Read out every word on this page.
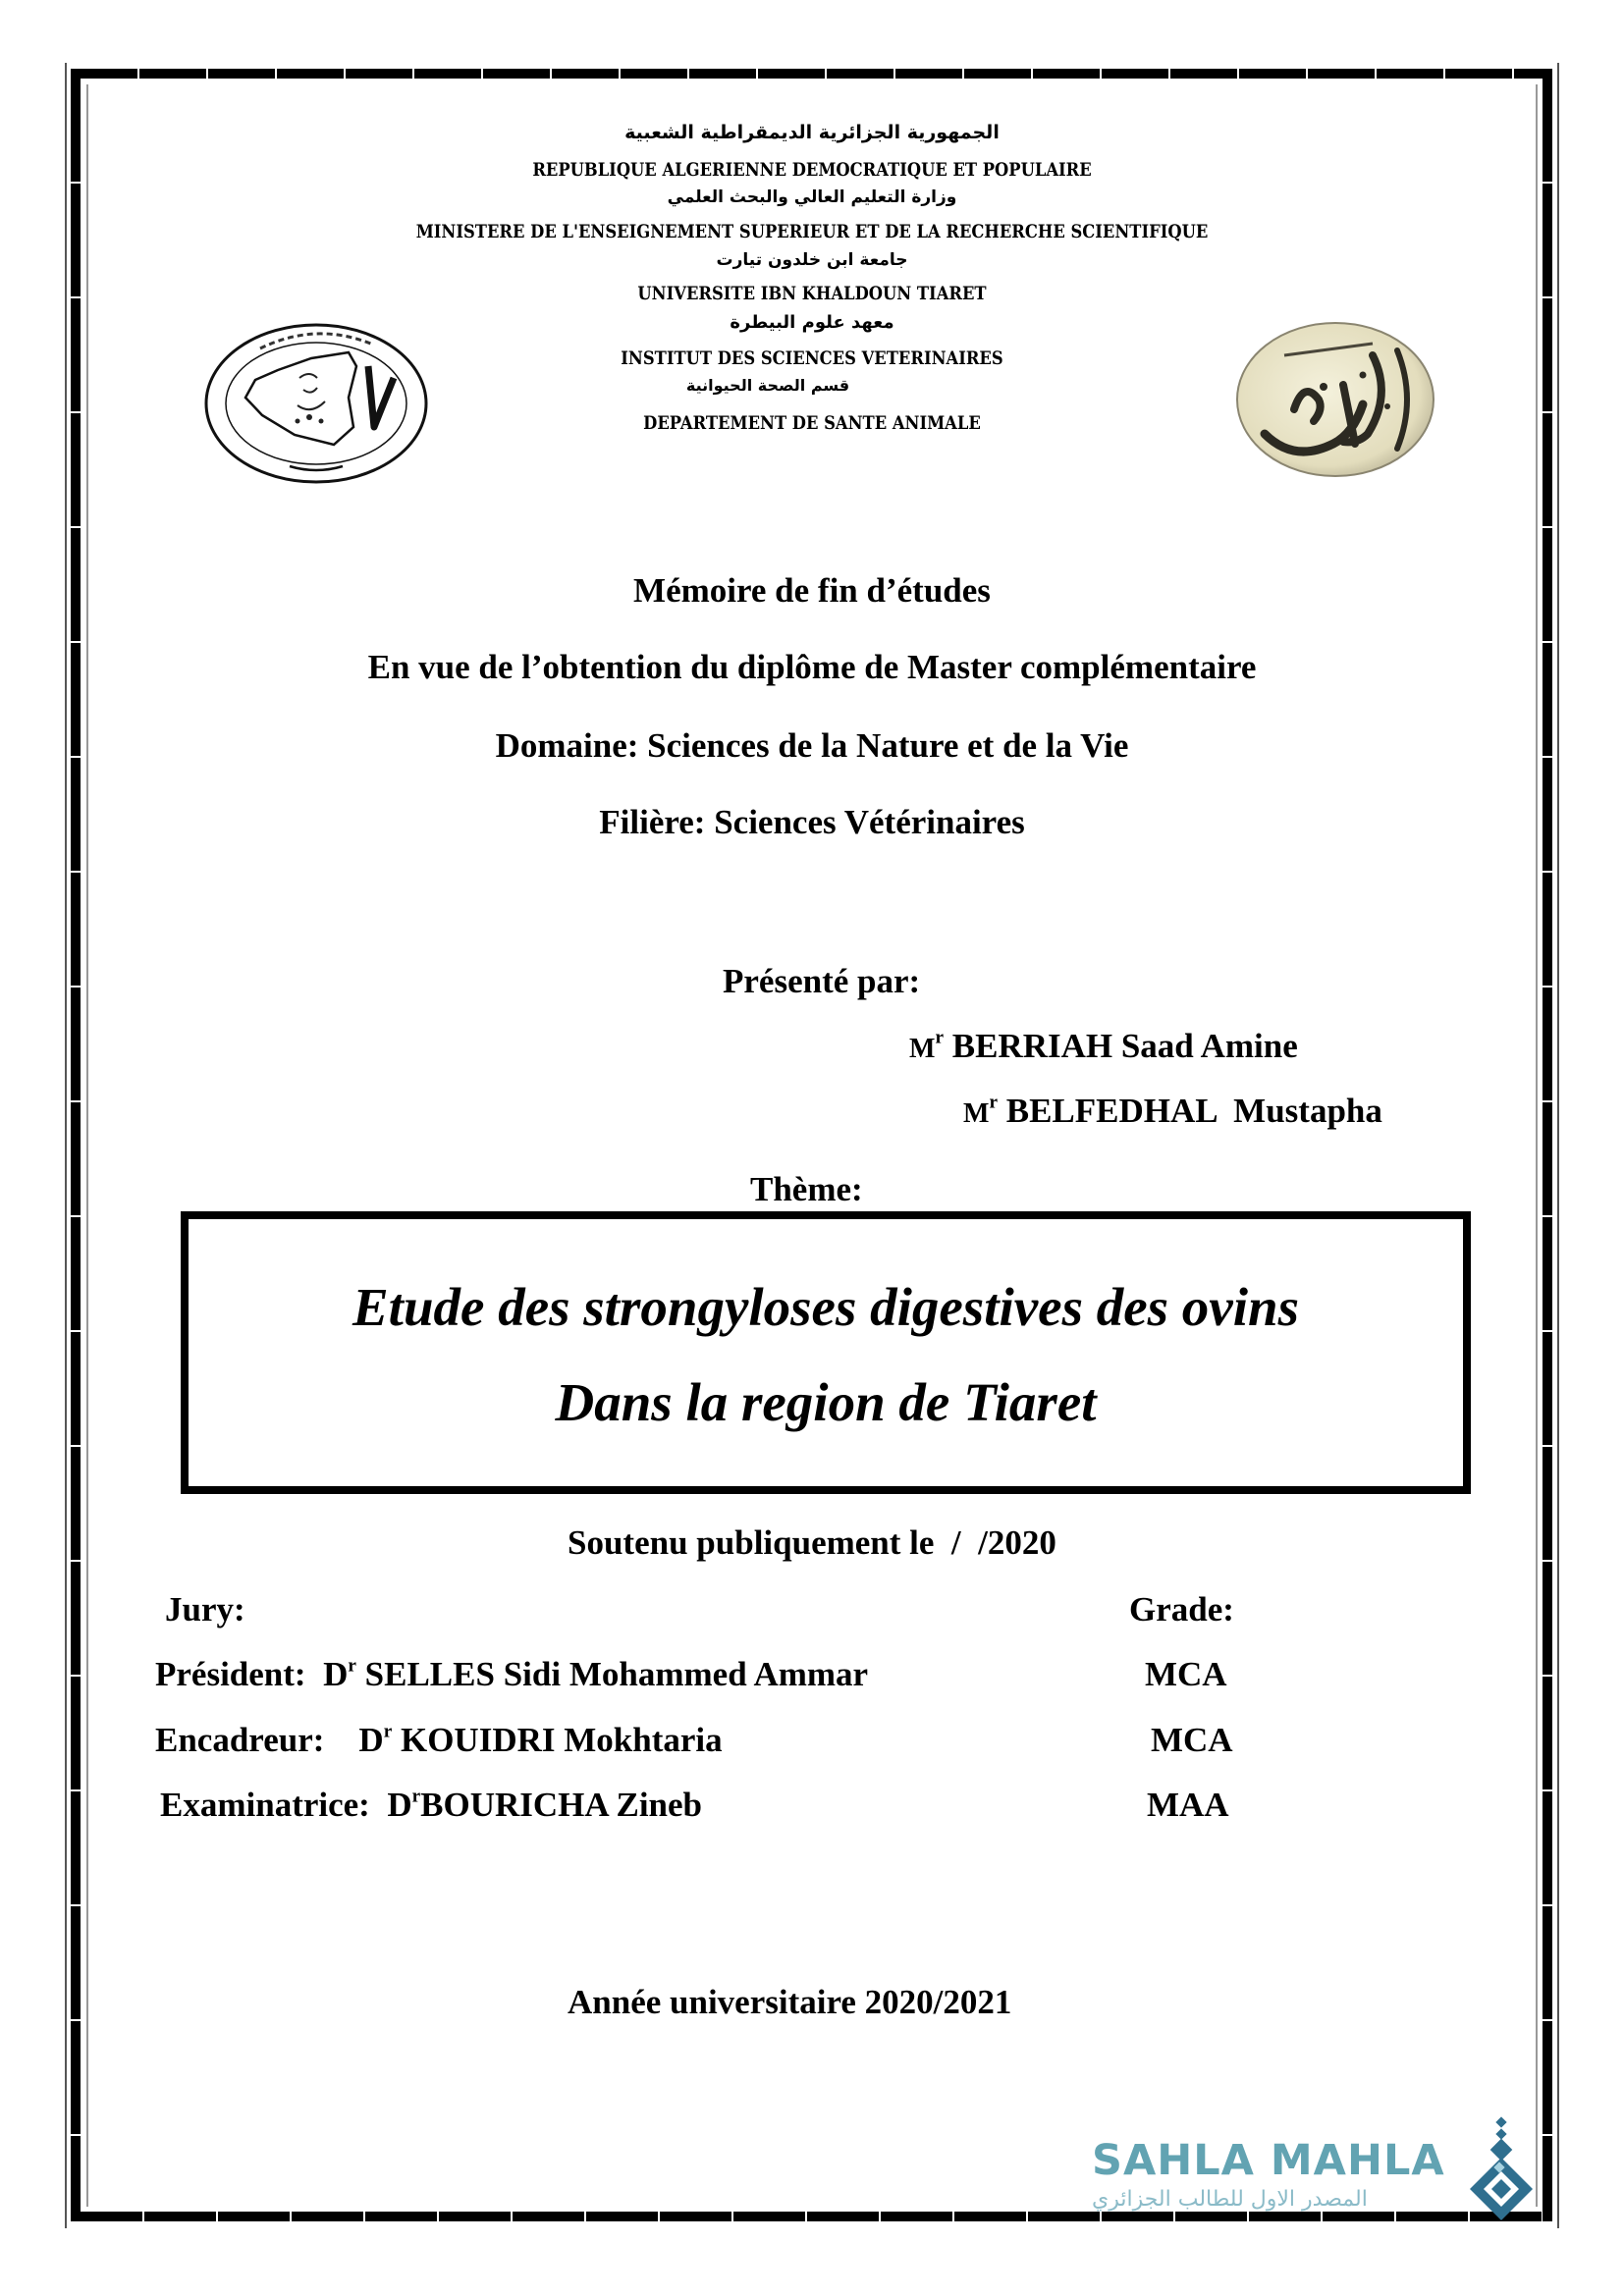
الجمهورية الجزائرية الديمقراطية الشعبية
REPUBLIQUE ALGERIENNE DEMOCRATIQUE ET POPULAIRE
وزارة التعليم العالي والبحث العلمي
MINISTERE DE L'ENSEIGNEMENT SUPERIEUR ET DE LA RECHERCHE SCIENTIFIQUE
جامعة ابن خلدون تيارت
UNIVERSITE IBN KHALDOUN TIARET
معهد علوم البيطرة
INSTITUT DES SCIENCES VETERINAIRES
قسم الصحة الحيوانية
DEPARTEMENT DE SANTE ANIMALE
Mémoire de fin d’études
En vue de l’obtention du diplôme de Master complémentaire
Domaine: Sciences de la Nature et de la Vie
Filière: Sciences Vétérinaires
Présenté par:
$M^r$ BERRIAH Saad Amine
$M^r$ BELFEDHAL  Mustapha
Thème:
Etude des strongyloses digestives des ovins
Dans la region de Tiaret
Soutenu publiquement le  /  /2020
Jury:	Grade:
Président: $D^r$ SELLES Sidi Mohammed Ammar	MCA
Encadreur: $D^r$ KOUIDRI Mokhtaria	MCA
Examinatrice: $D^rBOURICHA$ Zineb	MAA
Année universitaire 2020/2021
SAHLA MAHLA
المصدر الاول للطالب الجزائري
